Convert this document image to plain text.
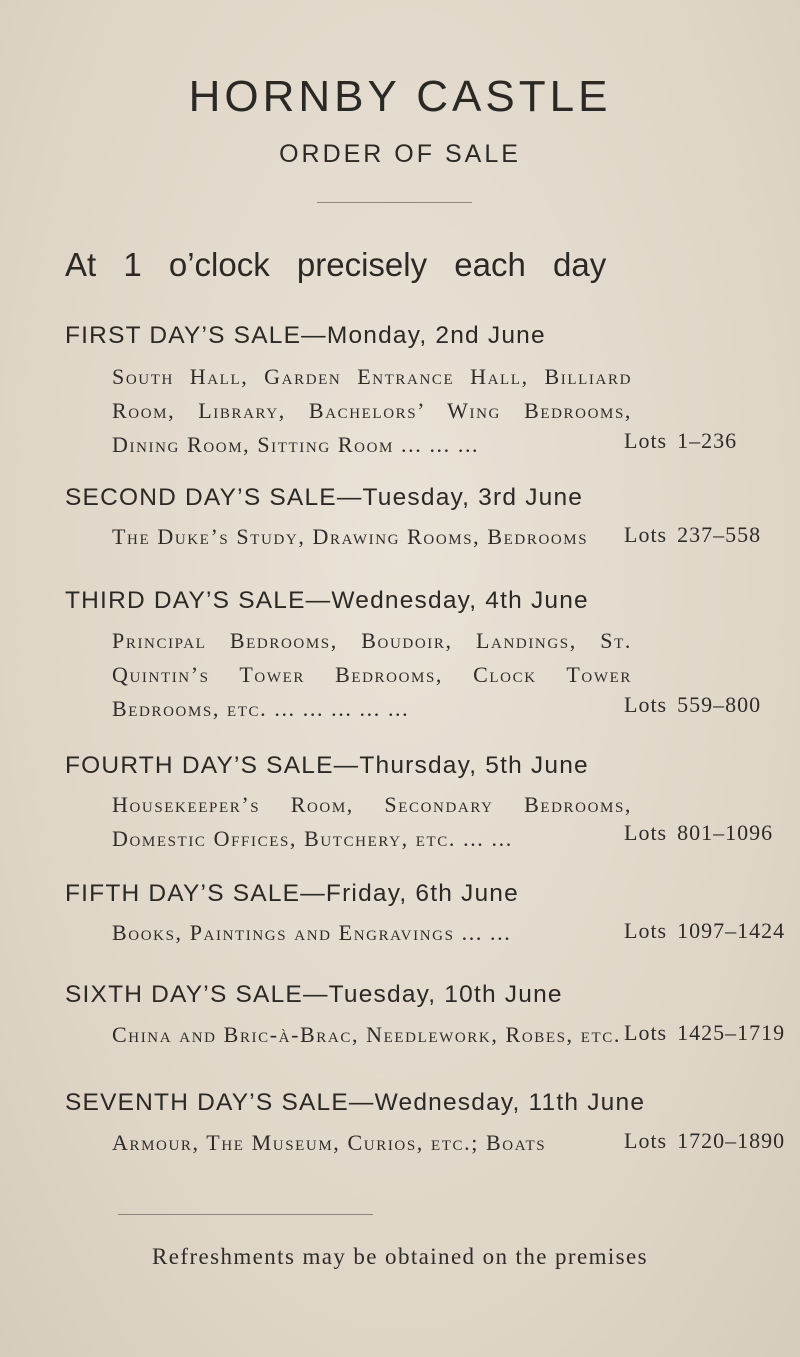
HORNBY CASTLE
ORDER OF SALE
At 1 o’clock precisely each day
FIRST DAY’S SALE—Monday, 2nd June
South Hall, Garden Entrance Hall, Billiard Room, Library, Bachelors’ Wing Bedrooms, Dining Room, Sitting Room ... ... ...	Lots 1–236
SECOND DAY’S SALE—Tuesday, 3rd June
The Duke’s Study, Drawing Rooms, Bedrooms	Lots 237–558
THIRD DAY’S SALE—Wednesday, 4th June
Principal Bedrooms, Boudoir, Landings, St. Quintin’s Tower Bedrooms, Clock Tower Bedrooms, etc. ... ... ... ... ...	Lots 559–800
FOURTH DAY’S SALE—Thursday, 5th June
Housekeeper’s Room, Secondary Bedrooms, Domestic Offices, Butchery, etc. ... ...	Lots 801–1096
FIFTH DAY’S SALE—Friday, 6th June
Books, Paintings and Engravings ... ...	Lots 1097–1424
SIXTH DAY’S SALE—Tuesday, 10th June
China and Bric-à-Brac, Needlework, Robes, etc. Lots 1425–1719
SEVENTH DAY’S SALE—Wednesday, 11th June
Armour, The Museum, Curios, etc.; Boats	Lots 1720–1890
Refreshments may be obtained on the premises
